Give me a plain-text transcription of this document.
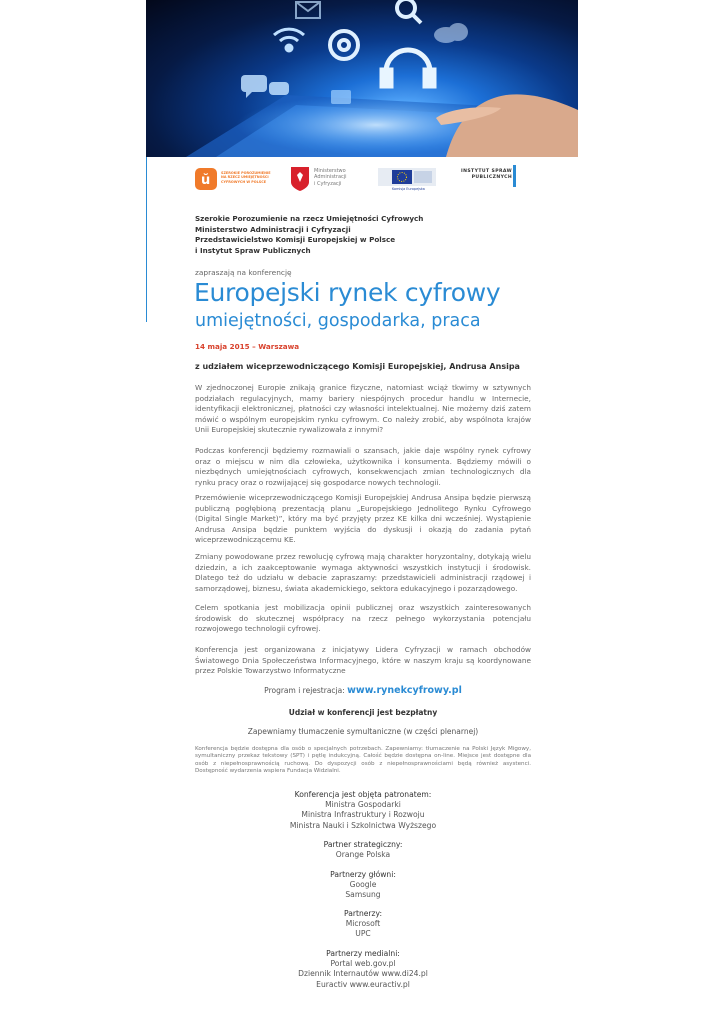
ŭ	SZEROKIE POROZUMIENIE NA RZECZ UMIEJĘTNOŚCI CYFROWYCH W POLSCE
Ministerstwo
Administracji
i Cyfryzacji
Komisja Europejska
INSTYTUT SPRAW
PUBLICZNYCH
Szerokie Porozumienie na rzecz Umiejętności Cyfrowych
Ministerstwo Administracji i Cyfryzacji
Przedstawicielstwo Komisji Europejskiej w Polsce
i Instytut Spraw Publicznych
zapraszają na konferencję
Europejski rynek cyfrowy
umiejętności, gospodarka, praca
14 maja 2015 – Warszawa
z udziałem wiceprzewodniczącego Komisji Europejskiej, Andrusa Ansipa

W zjednoczonej Europie znikają granice fizyczne, natomiast wciąż tkwimy w sztywnych podziałach regulacyjnych, mamy bariery niespójnych procedur handlu w Internecie, identyfikacji elektronicznej, płatności czy własności intelektualnej. Nie możemy dziś zatem mówić o wspólnym europejskim rynku cyfrowym. Co należy zrobić, aby wspólnota krajów Unii Europejskiej skutecznie rywalizowała z innymi?

Podczas konferencji będziemy rozmawiali o szansach, jakie daje wspólny rynek cyfrowy oraz o miejscu w nim dla człowieka, użytkownika i konsumenta. Będziemy mówili o niezbędnych umiejętnościach cyfrowych, konsekwencjach zmian technologicznych dla rynku pracy oraz o rozwijającej się gospodarce nowych technologii.

Przemówienie wiceprzewodniczącego Komisji Europejskiej Andrusa Ansipa będzie pierwszą publiczną pogłębioną prezentacją planu „Europejskiego Jednolitego Rynku Cyfrowego (Digital Single Market)”, który ma być przyjęty przez KE kilka dni wcześniej. Wystąpienie Andrusa Ansipa będzie punktem wyjścia do dyskusji i okazją do zadania pytań wiceprzewodniczącemu KE.

Zmiany powodowane przez rewolucję cyfrową mają charakter horyzontalny, dotykają wielu dziedzin, a ich zaakceptowanie wymaga aktywności wszystkich instytucji i środowisk. Dlatego też do udziału w debacie zapraszamy: przedstawicieli administracji rządowej i samorządowej, biznesu, świata akademickiego, sektora edukacyjnego i pozarządowego.

Celem spotkania jest mobilizacja opinii publicznej oraz wszystkich zainteresowanych środowisk do skutecznej współpracy na rzecz pełnego wykorzystania potencjału rozwojowego technologii cyfrowej.

Konferencja jest organizowana z inicjatywy Lidera Cyfryzacji w ramach obchodów Światowego Dnia Społeczeństwa Informacyjnego, które w naszym kraju są koordynowane przez Polskie Towarzystwo Informatyczne

Program i rejestracja: www.rynekcyfrowy.pl
Udział w konferencji jest bezpłatny
Zapewniamy tłumaczenie symultaniczne (w części plenarnej)

Konferencja będzie dostępna dla osób o specjalnych potrzebach. Zapewniamy: tłumaczenie na Polski Język Migowy, symultaniczny przekaz tekstowy (SPT) i pętlę indukcyjną. Całość będzie dostępna on-line. Miejsce jest dostępne dla osób z niepełnosprawnością ruchową. Do dyspozycji osób z niepełnosprawnościami będą również asystenci. Dostępność wydarzenia wspiera Fundacja Widzialni.

Konferencja jest objęta patronatem:
Ministra Gospodarki
Ministra Infrastruktury i Rozwoju
Ministra Nauki i Szkolnictwa Wyższego
Partner strategiczny:
Orange Polska
Partnerzy główni:
Google
Samsung
Partnerzy:
Microsoft
UPC
Partnerzy medialni:
Portal web.gov.pl
Dziennik Internautów www.di24.pl
Euractiv www.euractiv.pl
